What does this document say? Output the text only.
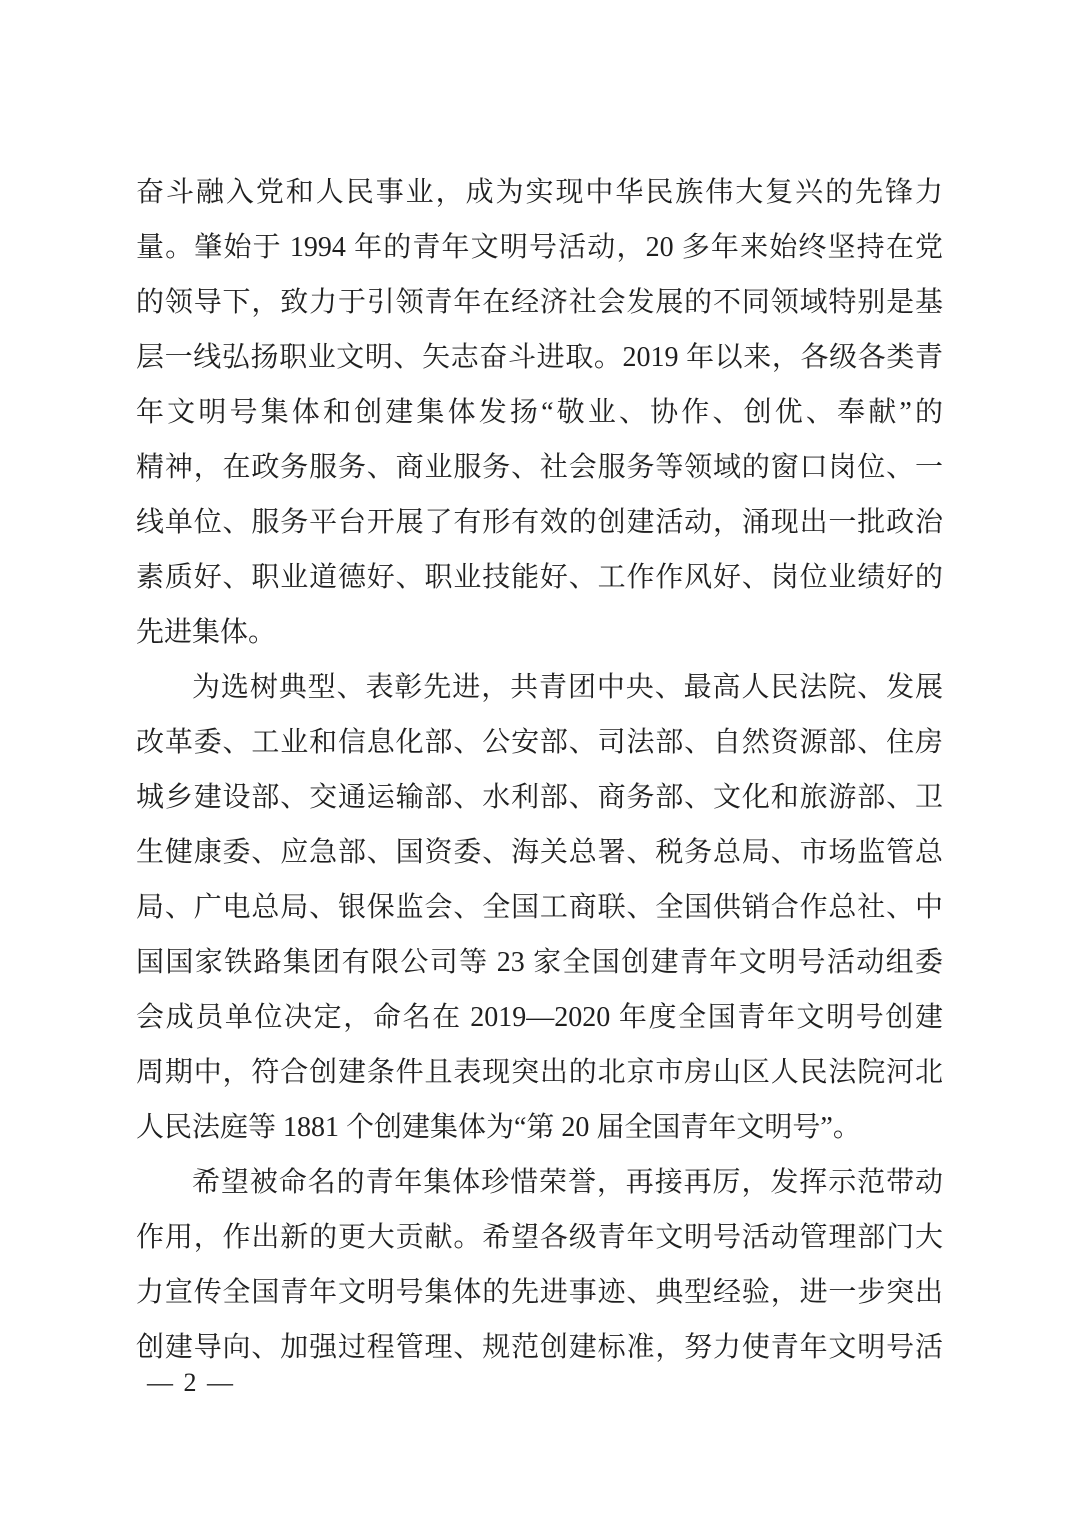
奋斗融入党和人民事业，成为实现中华民族伟大复兴的先锋力
量。肇始于 1994 年的青年文明号活动，20 多年来始终坚持在党
的领导下，致力于引领青年在经济社会发展的不同领域特别是基
层一线弘扬职业文明、矢志奋斗进取。2019 年以来，各级各类青
年文明号集体和创建集体发扬“敬业、协作、创优、奉献”的
精神，在政务服务、商业服务、社会服务等领域的窗口岗位、一
线单位、服务平台开展了有形有效的创建活动，涌现出一批政治
素质好、职业道德好、职业技能好、工作作风好、岗位业绩好的
先进集体。
为选树典型、表彰先进，共青团中央、最高人民法院、发展
改革委、工业和信息化部、公安部、司法部、自然资源部、住房
城乡建设部、交通运输部、水利部、商务部、文化和旅游部、卫
生健康委、应急部、国资委、海关总署、税务总局、市场监管总
局、广电总局、银保监会、全国工商联、全国供销合作总社、中
国国家铁路集团有限公司等 23 家全国创建青年文明号活动组委
会成员单位决定，命名在 2019—2020 年度全国青年文明号创建
周期中，符合创建条件且表现突出的北京市房山区人民法院河北
人民法庭等 1881 个创建集体为“第 20 届全国青年文明号”。
希望被命名的青年集体珍惜荣誉，再接再厉，发挥示范带动
作用，作出新的更大贡献。希望各级青年文明号活动管理部门大
力宣传全国青年文明号集体的先进事迹、典型经验，进一步突出
创建导向、加强过程管理、规范创建标准，努力使青年文明号活
— 2 —
